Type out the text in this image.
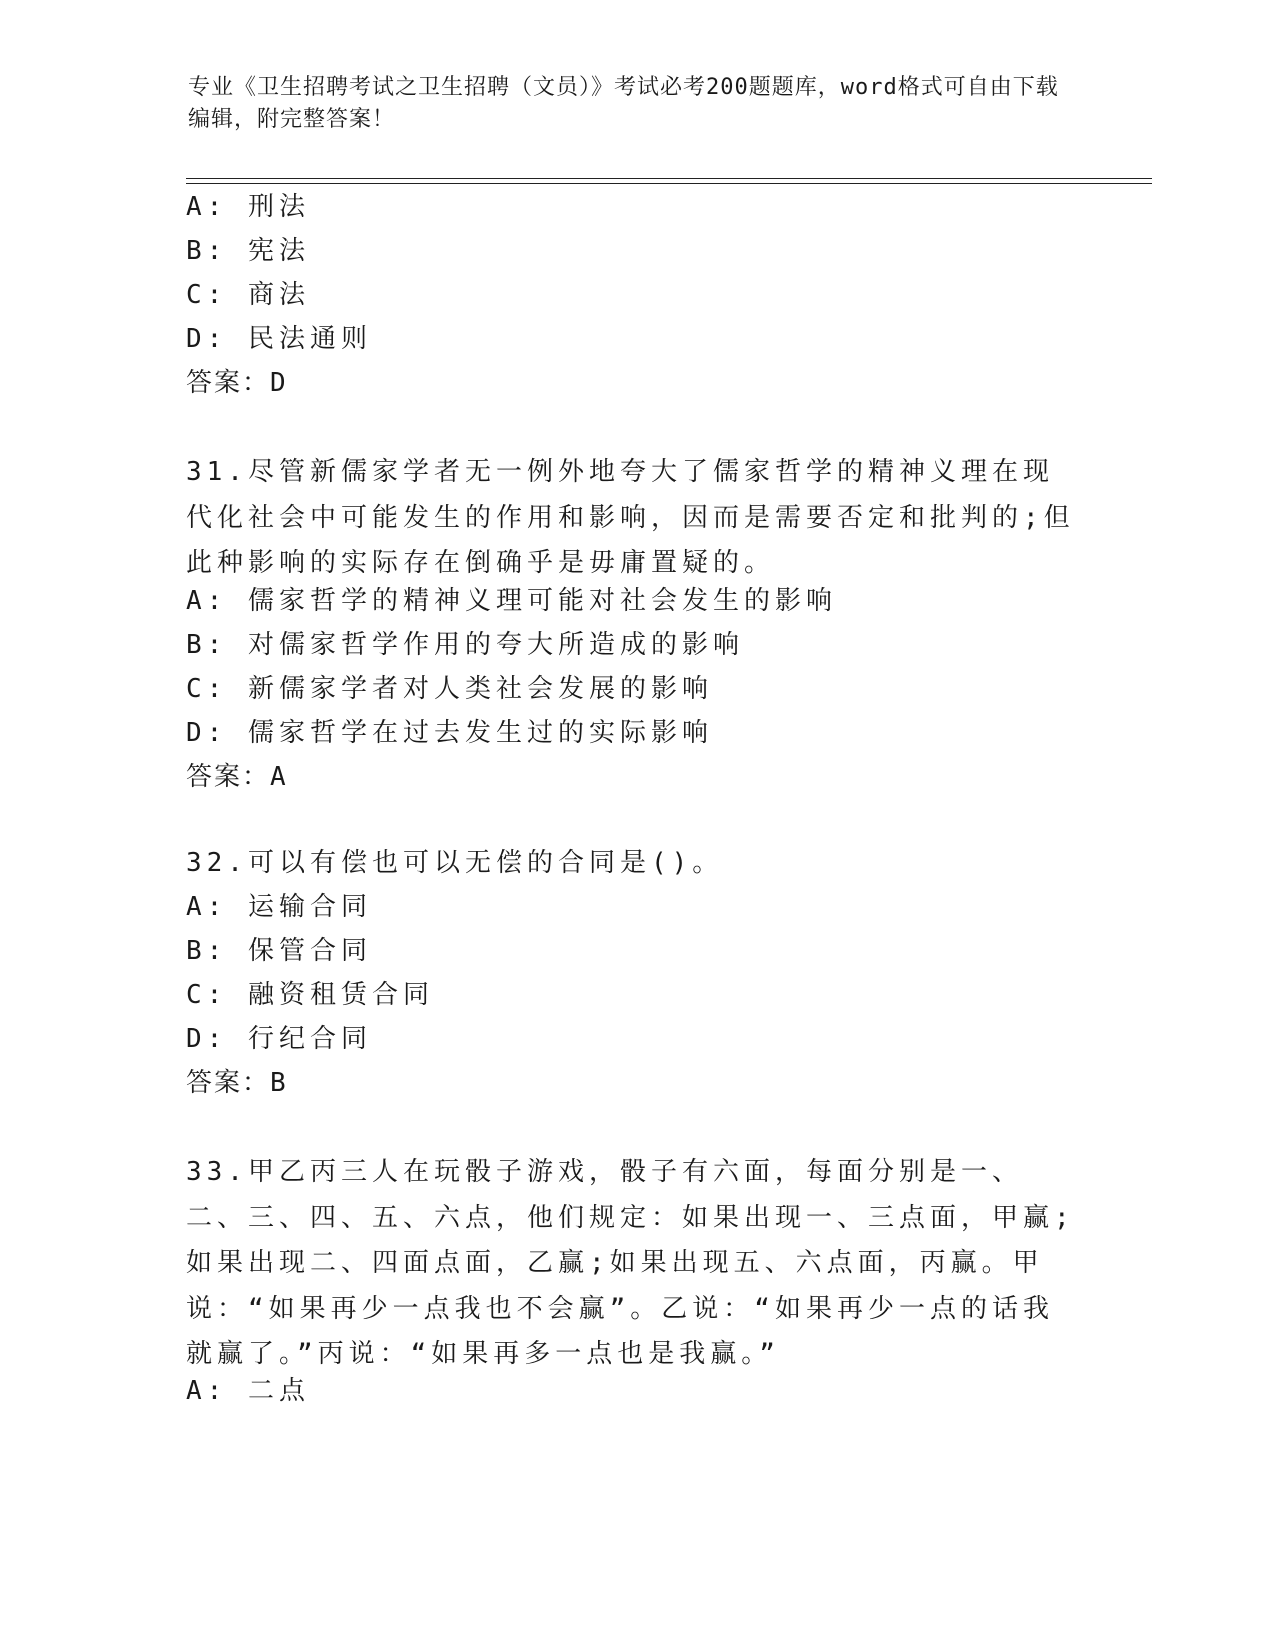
专业《卫生招聘考试之卫生招聘（文员）》考试必考200题题库，word格式可自由下载编辑，附完整答案！
A: 刑法
B: 宪法
C: 商法
D: 民法通则
答案：D
31.尽管新儒家学者无一例外地夸大了儒家哲学的精神义理在现代化社会中可能发生的作用和影响，因而是需要否定和批判的;但此种影响的实际存在倒确乎是毋庸置疑的。
A: 儒家哲学的精神义理可能对社会发生的影响
B: 对儒家哲学作用的夸大所造成的影响
C: 新儒家学者对人类社会发展的影响
D: 儒家哲学在过去发生过的实际影响
答案：A
32.可以有偿也可以无偿的合同是()。
A: 运输合同
B: 保管合同
C: 融资租赁合同
D: 行纪合同
答案：B
33.甲乙丙三人在玩骰子游戏，骰子有六面，每面分别是一、二、三、四、五、六点，他们规定：如果出现一、三点面，甲赢;如果出现二、四面点面，乙赢;如果出现五、六点面，丙赢。甲说：“如果再少一点我也不会赢”。乙说：“如果再少一点的话我就赢了。”丙说：“如果再多一点也是我赢。”
A: 二点
